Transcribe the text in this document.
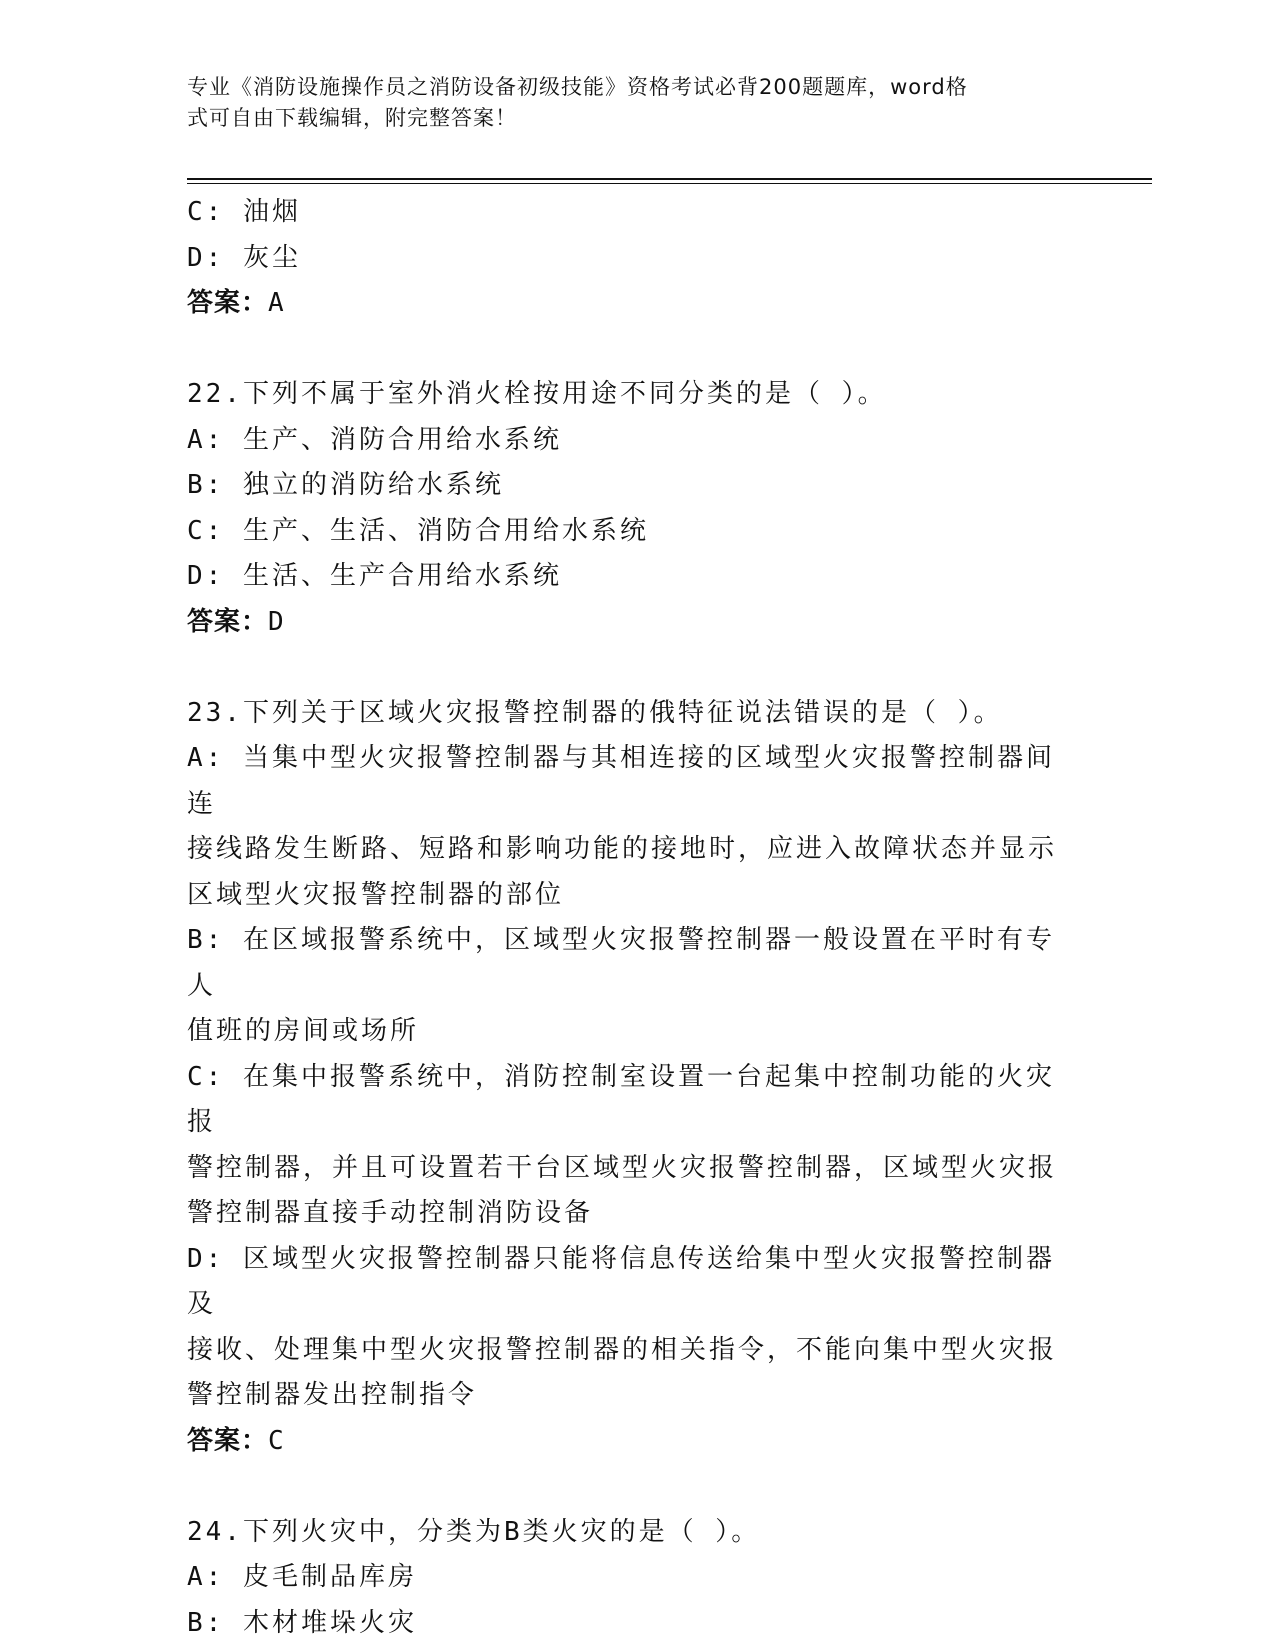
专业《消防设施操作员之消防设备初级技能》资格考试必背200题题库，word格
式可自由下载编辑，附完整答案！
C: 油烟
D: 灰尘
答案：A
22.下列不属于室外消火栓按用途不同分类的是（ ）。
A: 生产、消防合用给水系统
B: 独立的消防给水系统
C: 生产、生活、消防合用给水系统
D: 生活、生产合用给水系统
答案：D
23.下列关于区域火灾报警控制器的俄特征说法错误的是（ ）。
A: 当集中型火灾报警控制器与其相连接的区域型火灾报警控制器间连
接线路发生断路、短路和影响功能的接地时，应进入故障状态并显示
区域型火灾报警控制器的部位
B: 在区域报警系统中，区域型火灾报警控制器一般设置在平时有专人
值班的房间或场所
C: 在集中报警系统中，消防控制室设置一台起集中控制功能的火灾报
警控制器，并且可设置若干台区域型火灾报警控制器，区域型火灾报
警控制器直接手动控制消防设备
D: 区域型火灾报警控制器只能将信息传送给集中型火灾报警控制器及
接收、处理集中型火灾报警控制器的相关指令，不能向集中型火灾报
警控制器发出控制指令
答案：C
24.下列火灾中，分类为B类火灾的是（ ）。
A: 皮毛制品库房
B: 木材堆垛火灾
